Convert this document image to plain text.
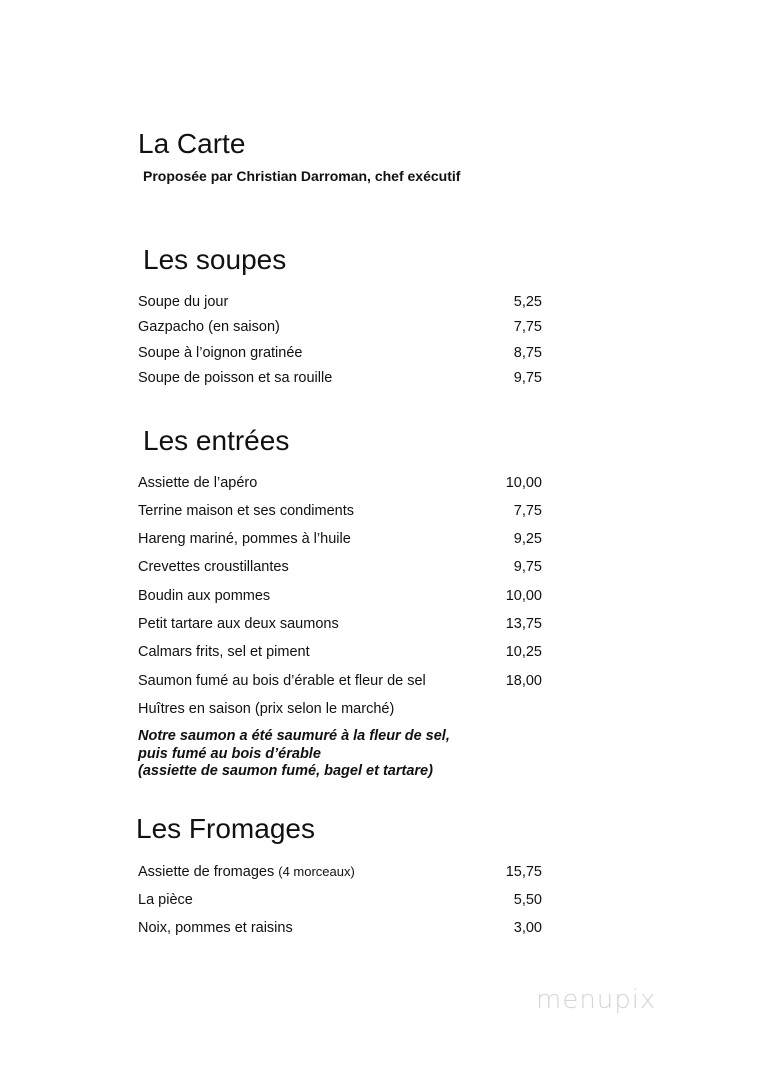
La Carte
Proposée par Christian Darroman, chef exécutif
Les soupes
Soupe du jour	5,25
Gazpacho (en saison)	7,75
Soupe à l’oignon gratinée	8,75
Soupe de poisson et sa rouille	9,75
Les entrées
Assiette de l’apéro	10,00
Terrine maison et ses condiments	7,75
Hareng mariné, pommes à l’huile	9,25
Crevettes croustillantes	9,75
Boudin aux pommes	10,00
Petit tartare aux deux saumons	13,75
Calmars frits, sel et piment	10,25
Saumon fumé au bois d’érable et fleur de sel	18,00
Huîtres en saison (prix selon le marché)
Notre saumon a été saumuré à la fleur de sel,
puis fumé au bois d’érable
(assiette de saumon fumé, bagel et tartare)
Les Fromages
Assiette de fromages (4 morceaux)	15,75
La pièce	5,50
Noix, pommes et raisins	3,00
menupix
